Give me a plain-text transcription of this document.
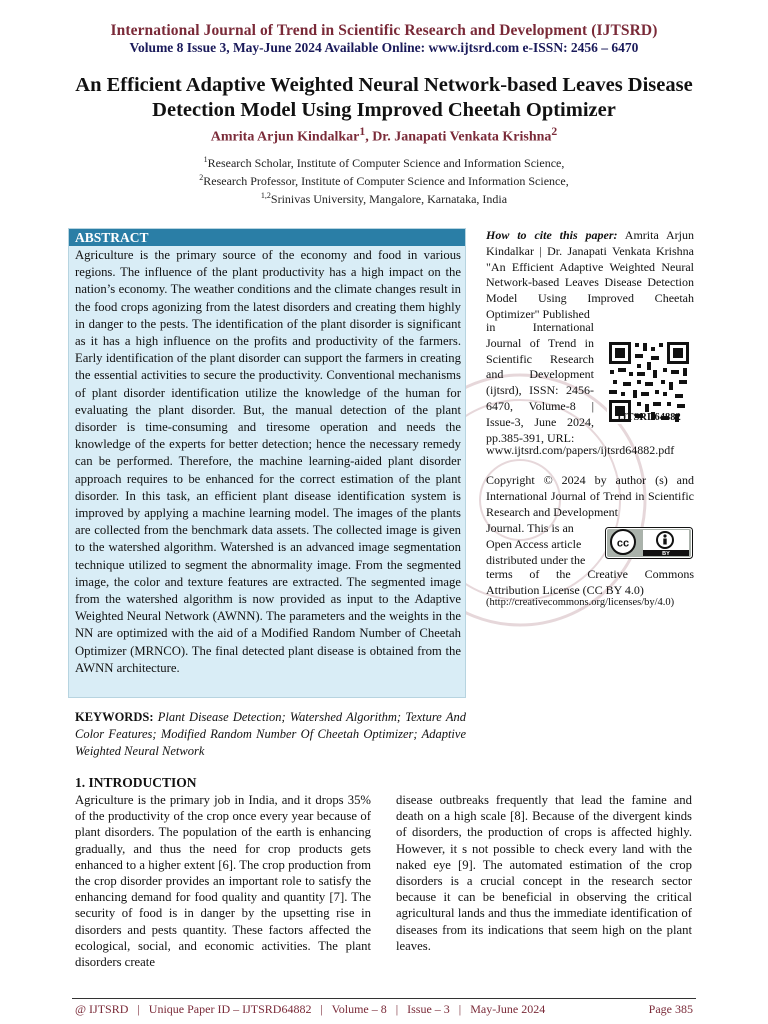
International Journal of Trend in Scientific Research and Development (IJTSRD)
Volume 8 Issue 3, May-June 2024 Available Online: www.ijtsrd.com e-ISSN: 2456 – 6470
An Efficient Adaptive Weighted Neural Network-based Leaves Disease Detection Model Using Improved Cheetah Optimizer
Amrita Arjun Kindalkar$^1$, Dr. Janapati Venkata Krishna$^2$
$^1$Research Scholar, Institute of Computer Science and Information Science,
$^2$Research Professor, Institute of Computer Science and Information Science,
$^{1,2}$Srinivas University, Mangalore, Karnataka, India
ABSTRACT
Agriculture is the primary source of the economy and food in various regions. The influence of the plant productivity has a high impact on the nation’s economy. The weather conditions and the climate changes result in the food crops agonizing from the latest disorders and creating them highly in danger to the pests. The identification of the plant disorder is significant as it has a high influence on the profits and productivity of the farmers. Early identification of the plant disorder can support the farmers in creating the essential activities to secure the productivity. Conventional mechanisms of plant disorder identification utilize the knowledge of the human for evaluating the plant disorder. But, the manual detection of the plant disorder is time-consuming and tiresome operation and needs the knowledge of the experts for better detection; hence the necessary remedy can be performed. Therefore, the machine learning-aided plant disorder approach requires to be enhanced for the correct estimation of the plant disorder. In this task, an efficient plant disease identification system is improved by applying a machine learning model. The images of the plants are collected from the benchmark data assets. The collected image is given to the watershed algorithm. Watershed is an advanced image segmentation technique utilized to segment the abnormality image. From the segmented image, the color and texture features are extracted. The segmented image from the watershed algorithm is now provided as input to the Adaptive Weighted Neural Network (AWNN). The parameters and the weights in the NN are optimized with the aid of a Modified Random Number of Cheetah Optimizer (MRNCO). The final detected plant disease is obtained from the AWNN architecture.
KEYWORDS: Plant Disease Detection; Watershed Algorithm; Texture And Color Features; Modified Random Number Of Cheetah Optimizer; Adaptive Weighted Neural Network
How to cite this paper: Amrita Arjun Kindalkar | Dr. Janapati Venkata Krishna "An Efficient Adaptive Weighted Neural Network-based Leaves Disease Detection Model Using Improved Cheetah Optimizer" Published
in International Journal of Trend in Scientific Research and Development (ijtsrd), ISSN: 2456-6470, Volume-8 | Issue-3, June 2024, pp.385-391, URL:
www.ijtsrd.com/papers/ijtsrd64882.pdf
IJTSRD64882
Copyright © 2024 by author (s) and International Journal of Trend in Scientific Research and Development
Journal. This is an Open Access article distributed under the
cc
BY
terms of the Creative Commons Attribution License (CC BY 4.0)
(http://creativecommons.org/licenses/by/4.0)
1. INTRODUCTION
Agriculture is the primary job in India, and it drops 35% of the productivity of the crop once every year because of plant disorders. The population of the earth is enhancing gradually, and thus the need for crop products gets enhanced to a higher extent [6]. The crop production from the crop disorder provides an important role to satisfy the enhancing demand for food quality and quantity [7]. The security of food is in danger by the upsetting rise in disorders and pests quantity. These factors affected the ecological, social, and economic activities. The plant disorders create
disease outbreaks frequently that lead the famine and death on a high scale [8]. Because of the divergent kinds of disorders, the production of crops is affected highly. However, it s not possible to check every land with the naked eye [9]. The automated estimation of the crop disorders is a crucial concept in the research sector because it can be beneficial in observing the critical agricultural lands and thus the immediate identification of diseases from its indications that seem high on the plant leaves.
@ IJTSRD   |   Unique Paper ID – IJTSRD64882   |   Volume – 8   |   Issue – 3   |   May-June 2024	Page 385
